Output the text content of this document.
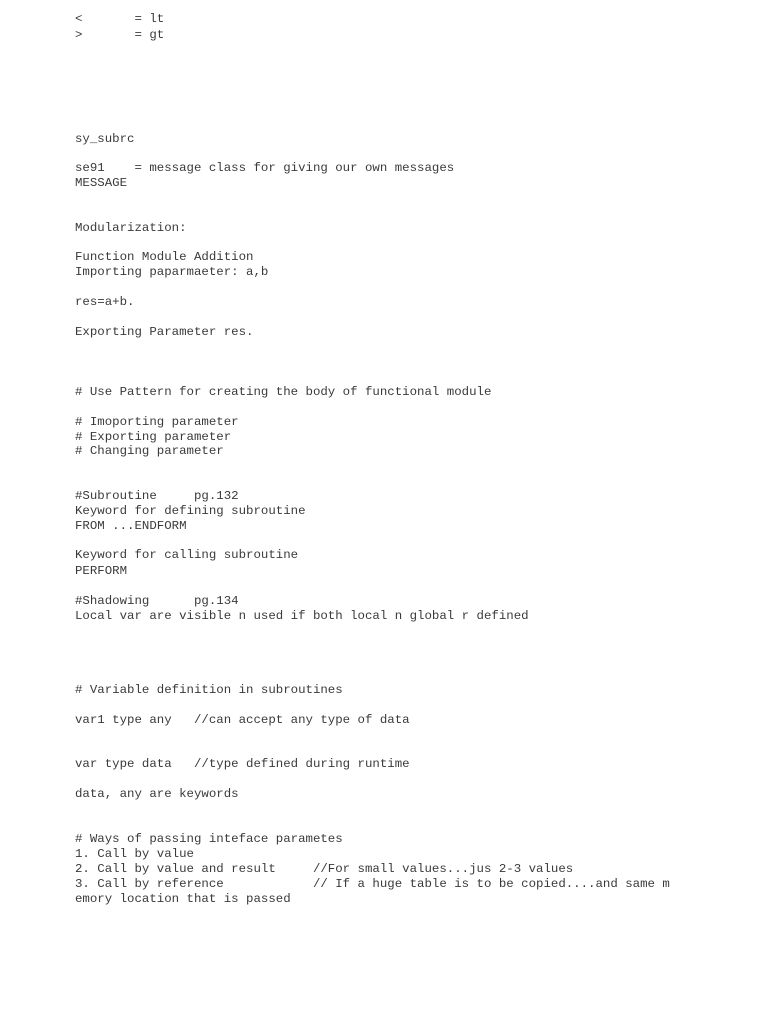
<       = lt

>       = gt

sy_subrc

se91    = message class for giving our own messages

MESSAGE

Modularization:

Function Module Addition

Importing paparmaeter: a,b

res=a+b.

Exporting Parameter res.

# Use Pattern for creating the body of functional module

# Imoporting parameter

# Exporting parameter

# Changing parameter

#Subroutine     pg.132

Keyword for defining subroutine

FROM ...ENDFORM

Keyword for calling subroutine

PERFORM

#Shadowing      pg.134

Local var are visible n used if both local n global r defined

# Variable definition in subroutines

var1 type any   //can accept any type of data

var type data   //type defined during runtime

data, any are keywords

# Ways of passing inteface parametes

1. Call by value

2. Call by value and result     //For small values...jus 2-3 values

3. Call by reference            // If a huge table is to be copied....and same m

emory location that is passed
